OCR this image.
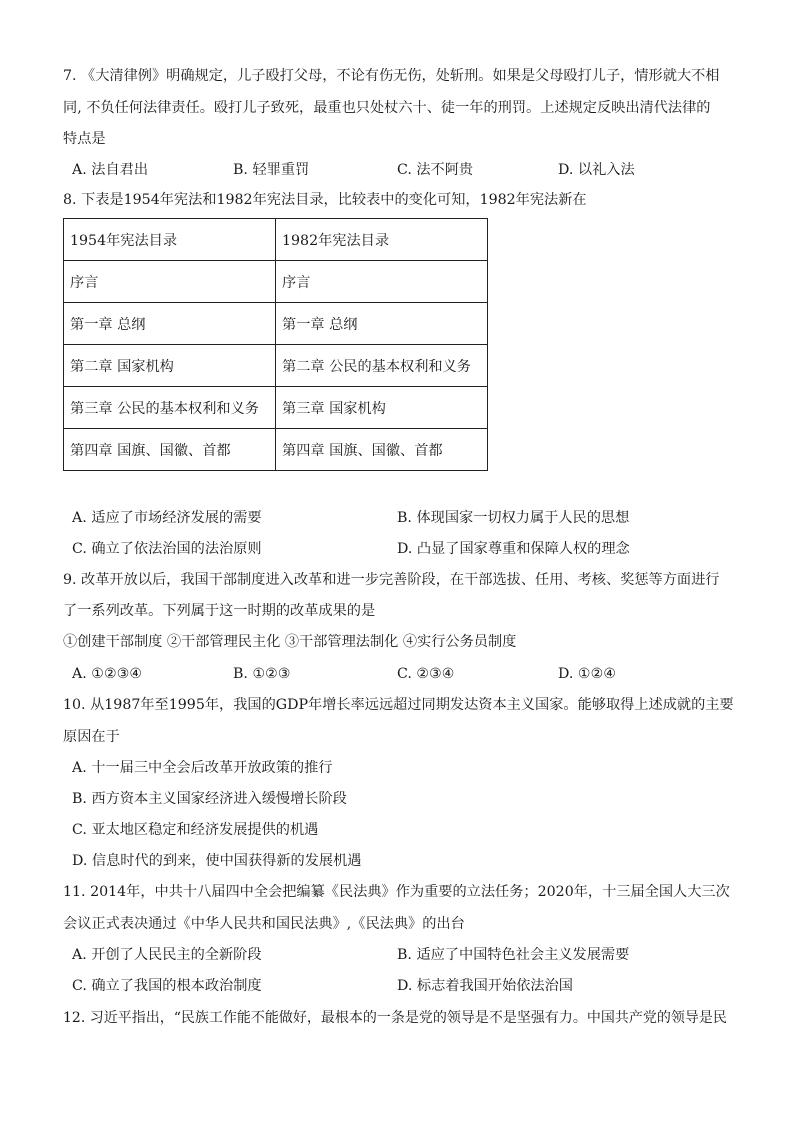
7. 《大清律例》明确规定，儿子殴打父母，不论有伤无伤，处斩刑。如果是父母殴打儿子，情形就大不相
同, 不负任何法律责任。殴打儿子致死，最重也只处杖六十、徒一年的刑罚。上述规定反映出清代法律的
特点是
A. 法自君出	B. 轻罪重罚	C. 法不阿贵	D. 以礼入法
8. 下表是1954年宪法和1982年宪法目录，比较表中的变化可知，1982年宪法新在
1954年宪法目录	1982年宪法目录
序言	序言
第一章 总纲	第一章 总纲
第二章 国家机构	第二章 公民的基本权利和义务
第三章 公民的基本权利和义务	第三章 国家机构
第四章 国旗、国徽、首都	第四章 国旗、国徽、首都
A. 适应了市场经济发展的需要	B. 体现国家一切权力属于人民的思想
C. 确立了依法治国的法治原则	D. 凸显了国家尊重和保障人权的理念
9. 改革开放以后，我国干部制度进入改革和进一步完善阶段，在干部选拔、任用、考核、奖惩等方面进行
了一系列改革。下列属于这一时期的改革成果的是
①创建干部制度 ②干部管理民主化 ③干部管理法制化 ④实行公务员制度
A. ①②③④	B. ①②③	C. ②③④	D. ①②④
10. 从1987年至1995年，我国的GDP年增长率远远超过同期发达资本主义国家。能够取得上述成就的主要
原因在于
A. 十一届三中全会后改革开放政策的推行
B. 西方资本主义国家经济进入缓慢增长阶段
C. 亚太地区稳定和经济发展提供的机遇
D. 信息时代的到来，使中国获得新的发展机遇
11. 2014年，中共十八届四中全会把编纂《民法典》作为重要的立法任务；2020年，十三届全国人大三次
会议正式表决通过《中华人民共和国民法典》,《民法典》的出台
A. 开创了人民民主的全新阶段	B. 适应了中国特色社会主义发展需要
C. 确立了我国的根本政治制度	D. 标志着我国开始依法治国
12. 习近平指出，“民族工作能不能做好，最根本的一条是党的领导是不是坚强有力。中国共产党的领导是民
